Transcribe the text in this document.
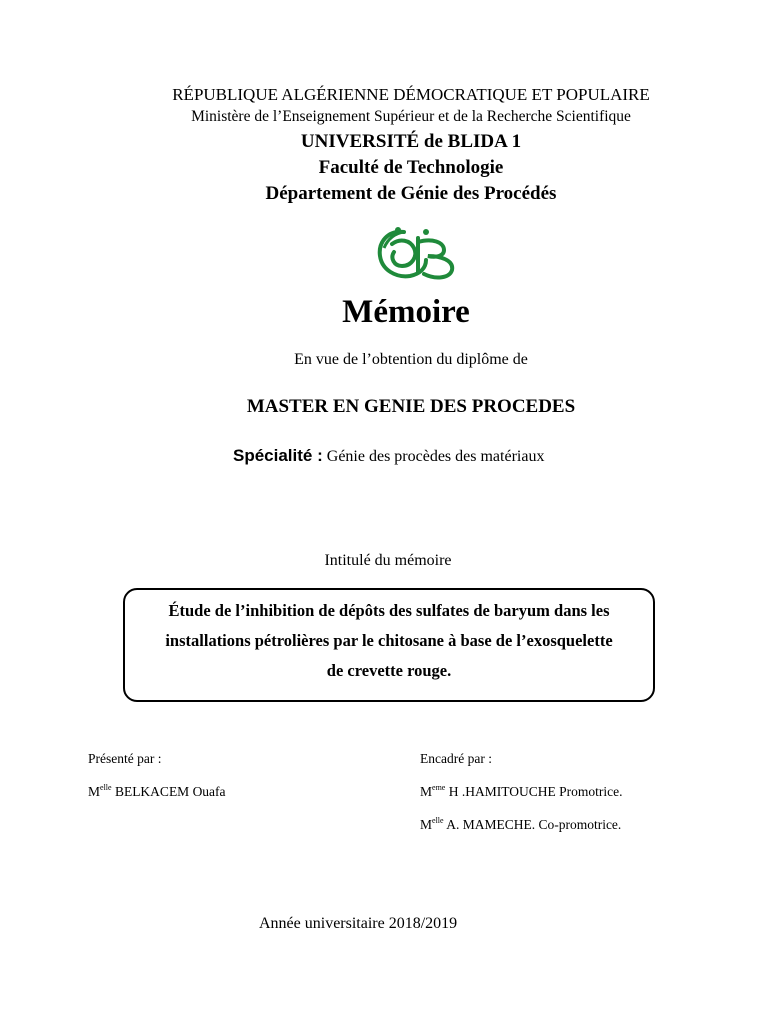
RÉPUBLIQUE ALGÉRIENNE DÉMOCRATIQUE ET POPULAIRE
Ministère de l’Enseignement Supérieur et de la Recherche Scientifique
UNIVERSITÉ de BLIDA 1
Faculté de Technologie
Département de Génie des Procédés
Mémoire
En vue de l’obtention du diplôme de
MASTER EN GENIE DES PROCEDES
Spécialité : Génie des procèdes des matériaux
Intitulé du mémoire
Étude de l’inhibition de dépôts des sulfates de baryum dans les
installations pétrolières par le chitosane à base de l’exosquelette
de crevette rouge.
Présenté par :
$M^{elle}$ BELKACEM Ouafa
Encadré par :
Meme H .HAMITOUCHE Promotrice.
$M^{elle}$ A. MAMECHE. Co-promotrice.
Année universitaire 2018/2019
